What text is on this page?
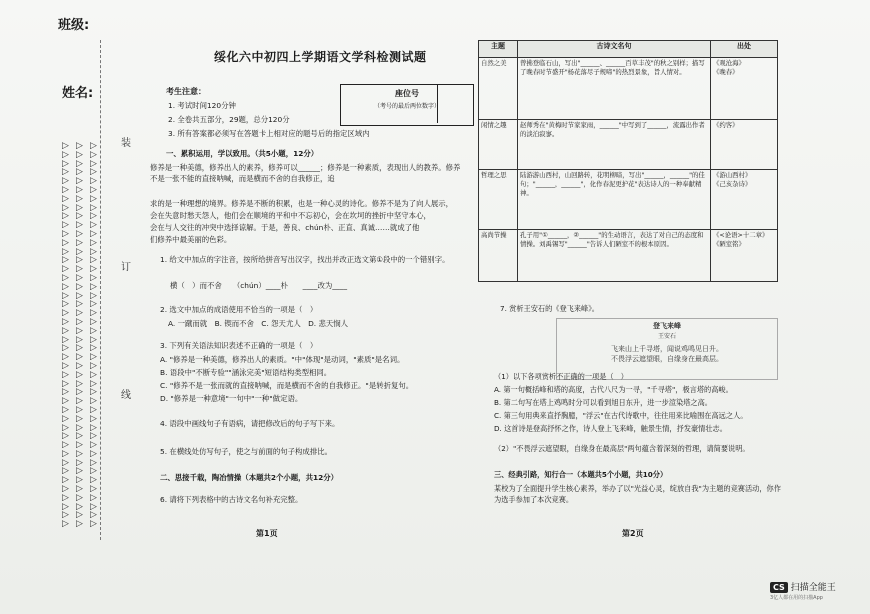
班级:
姓名:
▷
▷
▷
▷
▷
▷
▷
▷
▷
▷
▷
▷
▷
▷
▷
▷
▷
▷
▷
▷
▷
▷
▷
▷
▷
▷
▷
▷
▷
▷
▷
▷
▷
▷
▷
▷
▷
▷
▷
▷
▷
▷
▷
▷
▷
▷
▷
▷
▷
▷
▷
▷
▷
▷
▷
▷
▷
▷
▷
▷
▷
▷
▷
▷
▷
▷
▷
▷
▷
▷
▷
▷
▷
▷
▷
▷
▷
▷
▷
▷
▷
▷
▷
▷
▷
▷
▷
▷
▷
▷
▷
▷
▷
▷
▷
▷
▷
▷
▷
▷
▷
▷
▷
▷
▷
▷
▷
▷
▷
▷
▷
▷
▷
▷
▷
▷
▷
▷
▷
▷
▷
▷
▷
▷
▷
▷
▷
▷
▷
▷
▷
▷
装
订
线
绥化六中初四上学期语文学科检测试题
座位号
（考号的最后两位数字）
考生注意：
1. 考试时间120分钟
2. 全卷共五部分，29题，总分120分
3. 所有答案都必须写在答题卡上相对应的题号后的指定区域内
一、累积运用，学以致用。（共5小题，12分）
修养是一种美德，修养出人的素养，修养可以______；修养是一种素质，表现出人的教养。修养不是一张不能的直接呐喊，而是横而不舍的自我修正，追
求的是一种理想的境界。修养是不断的积累，也是一种心灵的诗化。修养不是为了向人展示，
会在失意时愁天怨人，他们会在顺境的平和中不忘初心，会在坎坷的挫折中坚守本心，
会在与人交往的冲突中选择谅解。于是，善良、chún朴、正直、真诚……就成了他
们修养中最美丽的色彩。
1. 给文中加点的字注音，按所给拼音写出汉字，找出并改正选文第①段中的一个错别字。
横（　）而不舍　　（chún）____朴　　____改为____
2. 选文中加点的成语使用不恰当的一项是（　）
A. 一蹴而就　B. 锲而不舍　C. 怨天尤人　D. 悲天悯人
3. 下列有关语法知识表述不正确的一项是（　）
A. "修养是一种美德，修养出人的素质。"中"体现"是动词，"素质"是名词。
B. 语段中"不断专验""涵泳完美"短语结构类型相同。
C. "修养不是一张而就的直接呐喊，而是横而不舍的自我修正。"是转折复句。
D. "修养是一种意境"一句中"一种"做定语。
4. 语段中画线句子有语病，请把修改后的句子写下来。
5. 在横线处仿写句子，使之与前面的句子构成排比。
二、思接千载，陶冶情操（本题共2个小题，共12分）
6. 请将下列表格中的古诗文名句补充完整。
第1页
主题	古诗文名句	出处
自然之美	曾拂登临石山，写出"______、______百草丰茂"的秋之别样；描写了晚春时节盛开"杨花落尽子规啼"的热烈景象，旨人情对。	《观沧海》
《晚春》
闲情之趣	赵师秀在"黄梅时节家家雨，______"中写到了______，流露出作者的淡泊寂寥。	《约客》
哲理之思	陆游游山西村，山回路转，花明柳暗，写出"______，______"的佳句；"______，______"，化作春泥更护花"表达诗人的一种奉献精神。	《游山西村》
《己亥杂诗》
高尚节操	孔子用"①______，②______"的生动语言，表达了对自己的态度和情操。刘禹锡写"______"告诉人们陋室不的根本原因。	《<论语>十二章》
《陋室铭》
7. 赏析王安石的《登飞来峰》。
登飞来峰
王安石
飞来山上千寻塔，闻说鸡鸣见日升。
不畏浮云遮望眼，自缘身在最高层。
（1）以下各项赏析不正确的一项是（　）
A. 第一句概括峰和塔的高度，古代八尺为一寻，"千寻塔"，极言塔的高峻。
B. 第二句写在塔上鸡鸣时分可以看到旭日东升，进一步渲染塔之高。
C. 第三句用典来直抒胸臆，"浮云"在古代诗歌中，往往用来比喻围在高远之人。
D. 这首诗是登高抒怀之作，诗人登上飞来峰，触景生情，抒发豪情壮志。
（2）"不畏浮云遮望眼，自缘身在最高层"两句蕴含着深刻的哲理，请简要说明。
三、经典引路，知行合一（本题共5个小题，共10分）
某校为了全面提升学生核心素养，举办了以"光益心灵，绽放自我"为主题的竞赛活动，你作为选手参加了本次竞赛。
第2页
CS 扫描全能王
3亿人都在用的扫描App
